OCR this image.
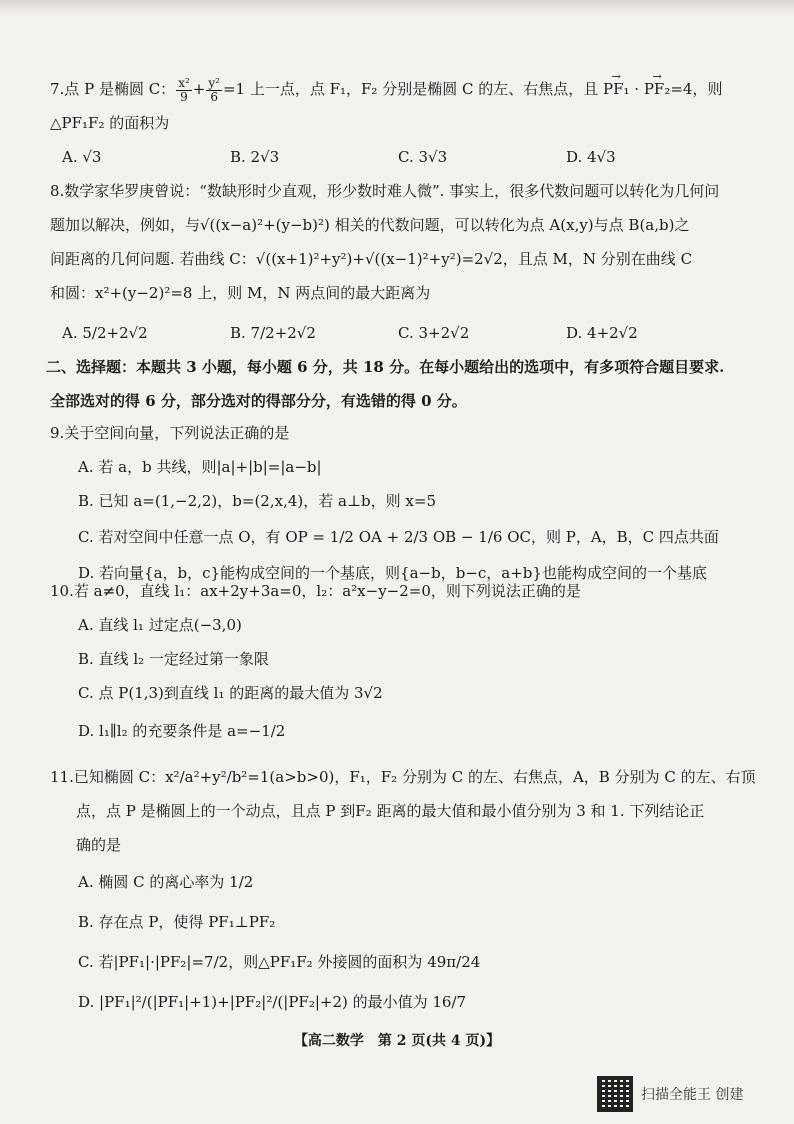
7.点 P 是椭圆 C： $\frac{\text{x²}}{9} + \frac{\text{y²}}{6} =1$ 上一点，点 F₁，F₂ 分别是椭圆 C 的左、右焦点，且 → PF₁ · → PF₂=4，则
△PF₁F₂ 的面积为
A. √3	B. 2√3	C. 3√3	D. 4√3
8.数学家华罗庚曾说：“数缺形时少直观，形少数时难人微”. 事实上，很多代数问题可以转化为几何问
题加以解决，例如，与√((x−a)²+(y−b)²) 相关的代数问题，可以转化为点 A(x,y)与点 B(a,b)之
间距离的几何问题. 若曲线 C：√((x+1)²+y²)+√((x−1)²+y²)=2√2，且点 M，N 分别在曲线 C
和圆：x²+(y−2)²=8 上，则 M，N 两点间的最大距离为
A. 5/2+2√2	B. 7/2+2√2	C. 3+2√2	D. 4+2√2
二、选择题：本题共 3 小题，每小题 6 分，共 18 分。在每小题给出的选项中，有多项符合题目要求.
全部选对的得 6 分，部分选对的得部分分，有选错的得 0 分。
9.关于空间向量，下列说法正确的是
A. 若 a，b 共线，则|a|+|b|=|a−b|
B. 已知 a=(1,−2,2)，b=(2,x,4)，若 a⊥b，则 x=5
C. 若对空间中任意一点 O，有 OP = 1/2 OA + 2/3 OB − 1/6 OC，则 P，A，B，C 四点共面
D. 若向量{a，b，c}能构成空间的一个基底，则{a−b，b−c，a+b}也能构成空间的一个基底
10.若 a≠0，直线 l₁：ax+2y+3a=0，l₂：a²x−y−2=0，则下列说法正确的是
A. 直线 l₁ 过定点(−3,0)
B. 直线 l₂ 一定经过第一象限
C. 点 P(1,3)到直线 l₁ 的距离的最大值为 3√2
D. l₁∥l₂ 的充要条件是 a=−1/2
11.已知椭圆 C：x²/a²+y²/b²=1(a>b>0)，F₁，F₂ 分别为 C 的左、右焦点，A，B 分别为 C 的左、右顶
点，点 P 是椭圆上的一个动点，且点 P 到F₂ 距离的最大值和最小值分别为 3 和 1. 下列结论正
确的是
A. 椭圆 C 的离心率为 1/2
B. 存在点 P，使得 PF₁⊥PF₂
C. 若|PF₁|·|PF₂|=7/2，则△PF₁F₂ 外接圆的面积为 49π/24
D. |PF₁|²/(|PF₁|+1)+|PF₂|²/(|PF₂|+2) 的最小值为 16/7
【高二数学　第 2 页(共 4 页)】
扫描全能王 创建
